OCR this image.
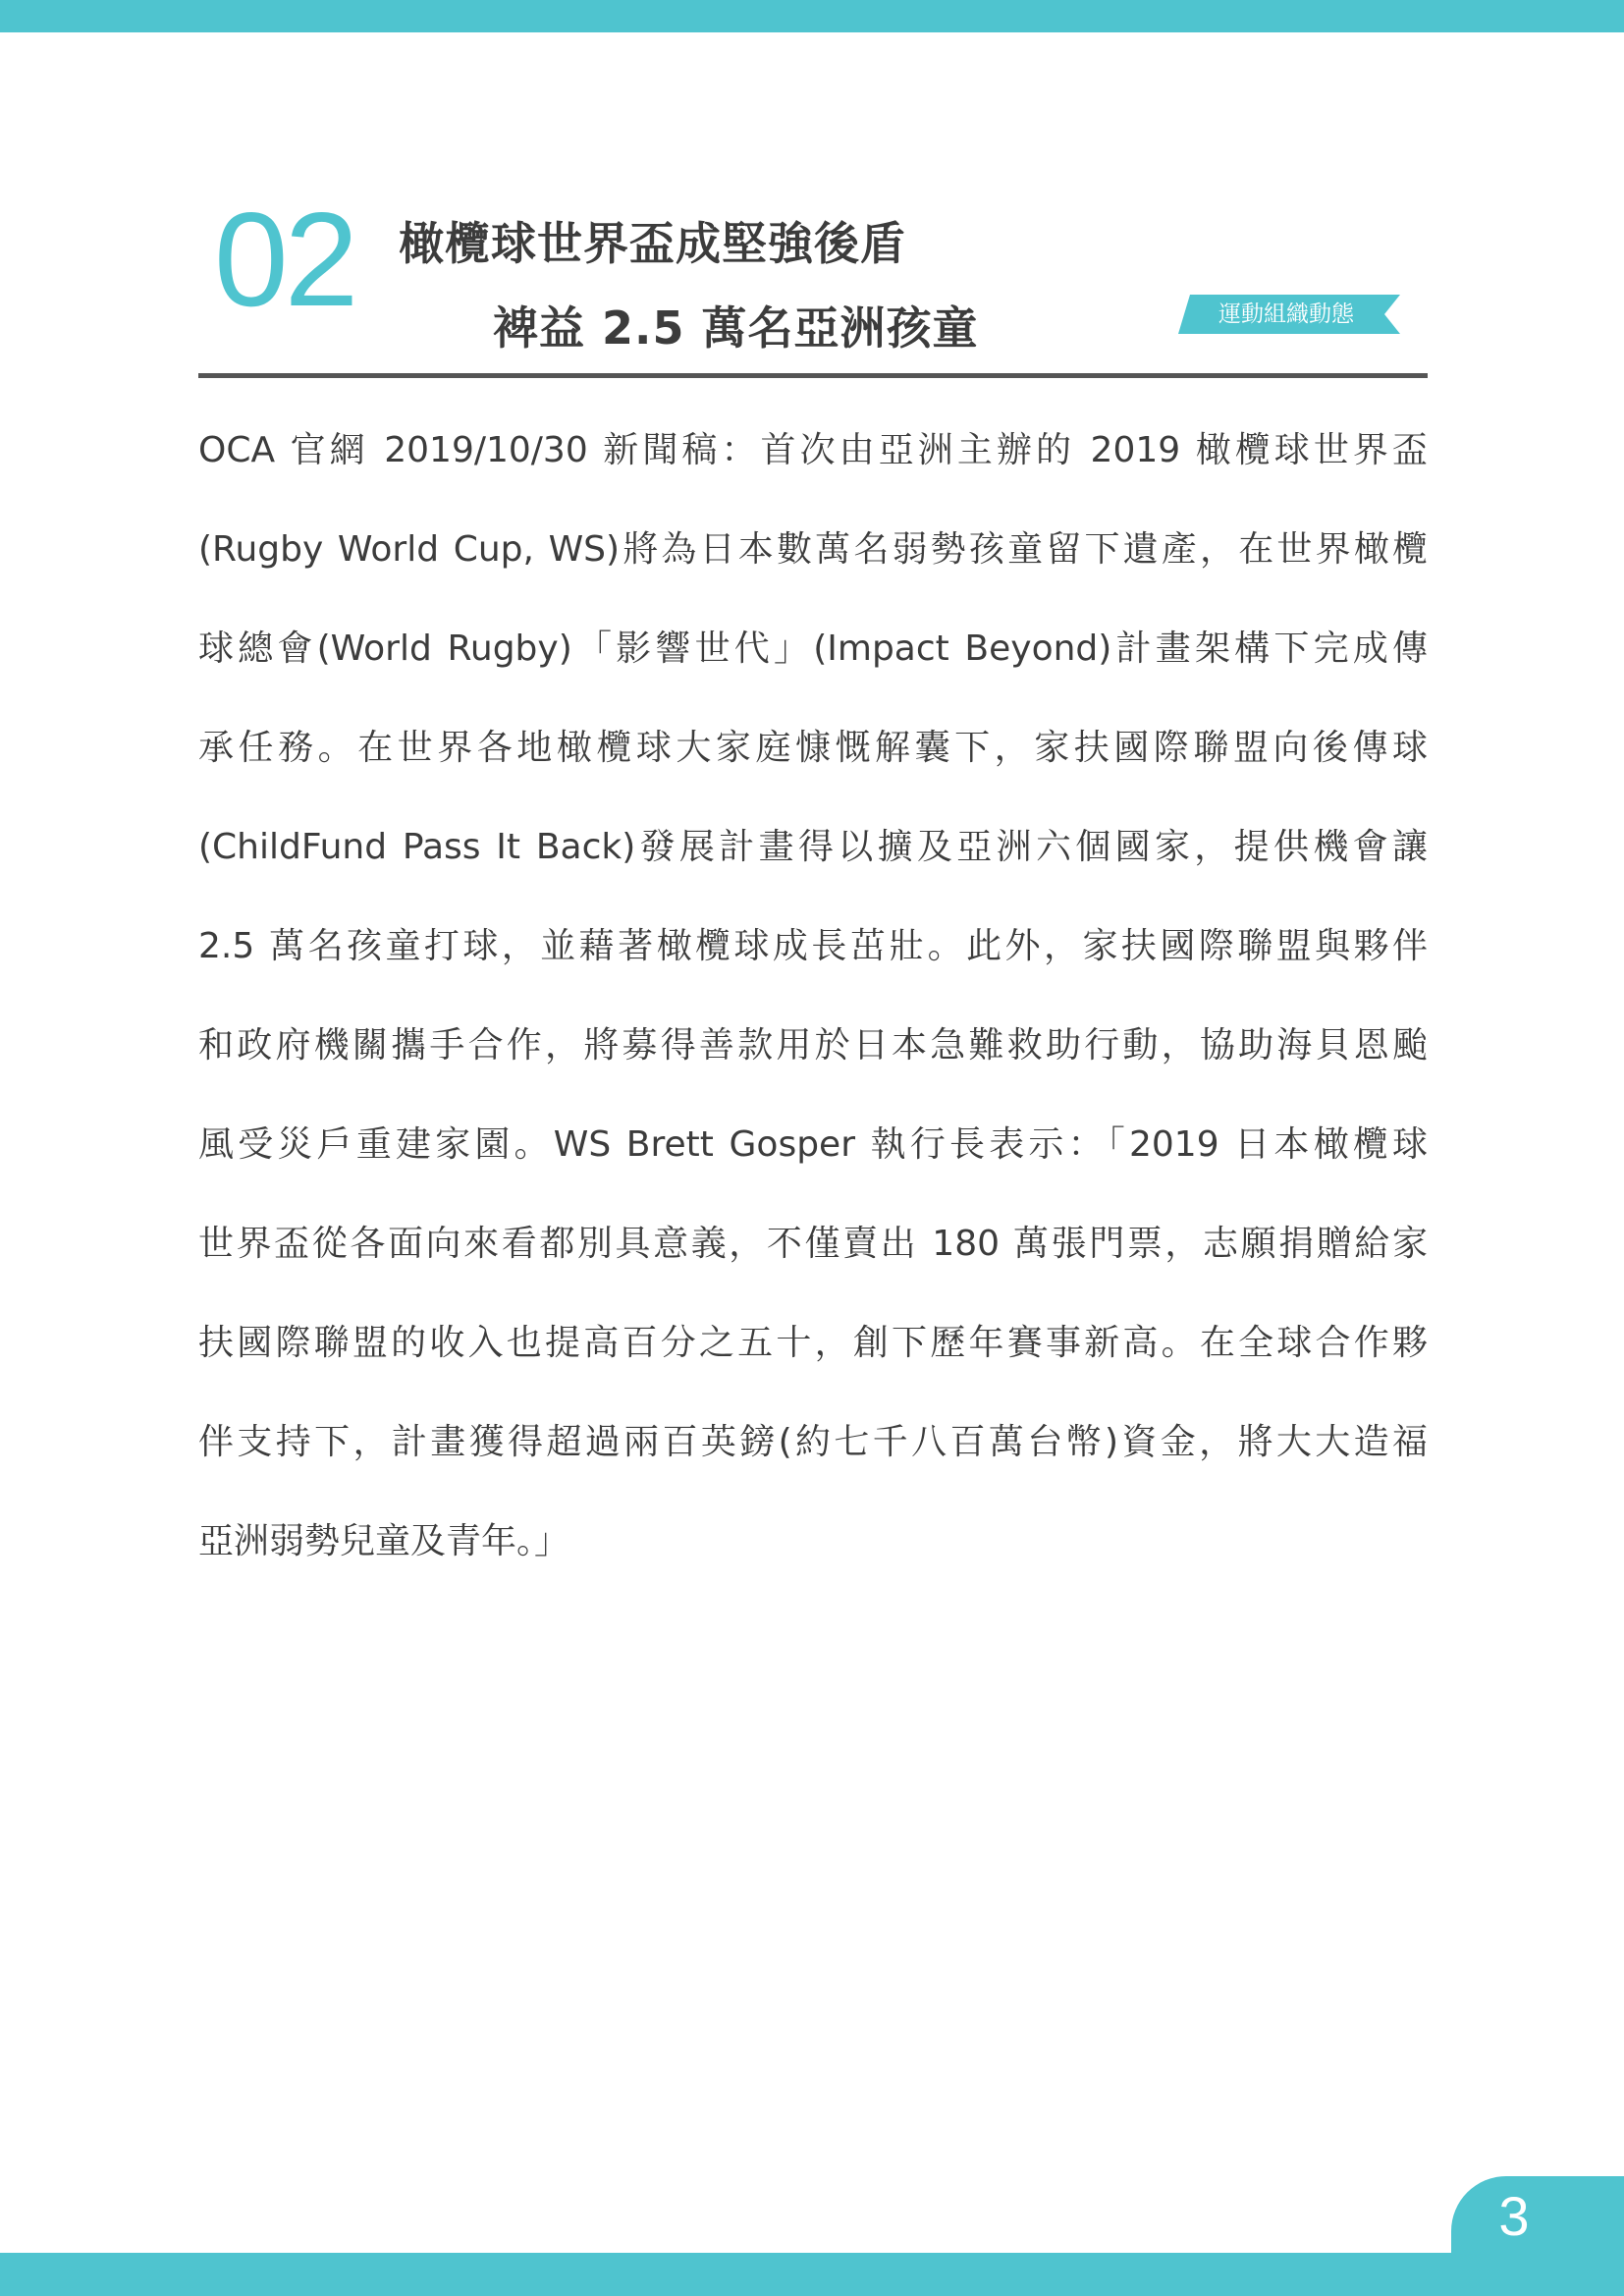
02 橄欖球世界盃成堅強後盾
裨益 2.5 萬名亞洲孩童	運動組織動態
OCA 官網 2019/10/30 新聞稿：首次由亞洲主辦的 2019 橄欖球世界盃
(Rugby World Cup, WS)將為日本數萬名弱勢孩童留下遺產，在世界橄欖
球總會(World Rugby)「影響世代」(Impact Beyond)計畫架構下完成傳
承任務。在世界各地橄欖球大家庭慷慨解囊下，家扶國際聯盟向後傳球
(ChildFund Pass It Back)發展計畫得以擴及亞洲六個國家，提供機會讓
2.5 萬名孩童打球，並藉著橄欖球成長茁壯。此外，家扶國際聯盟與夥伴
和政府機關攜手合作，將募得善款用於日本急難救助行動，協助海貝恩颱
風受災戶重建家園。WS Brett Gosper 執行長表示：「2019 日本橄欖球
世界盃從各面向來看都別具意義，不僅賣出 180 萬張門票，志願捐贈給家
扶國際聯盟的收入也提高百分之五十，創下歷年賽事新高。在全球合作夥
伴支持下，計畫獲得超過兩百英鎊(約七千八百萬台幣)資金，將大大造福
亞洲弱勢兒童及青年。」
3
